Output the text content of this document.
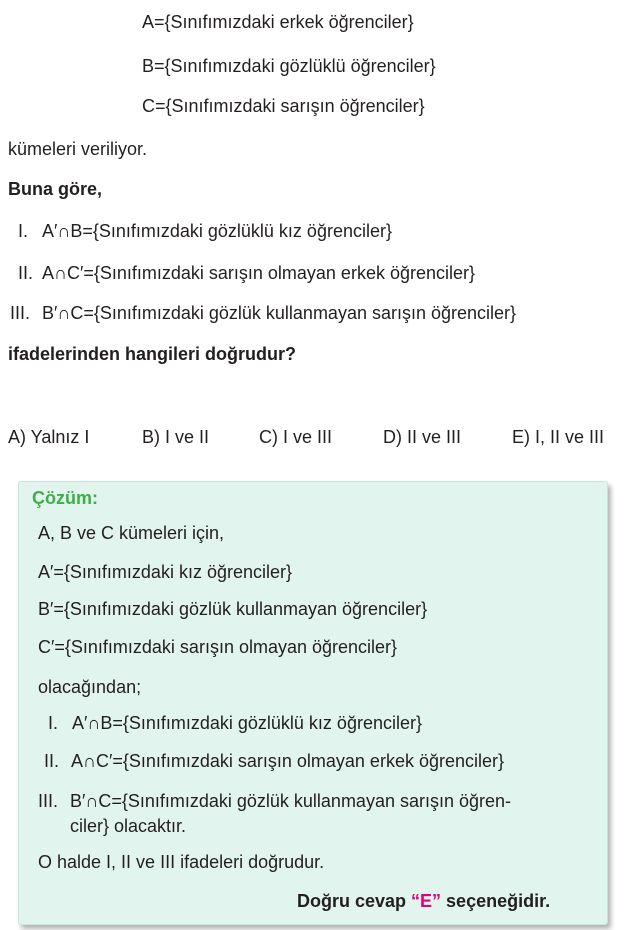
A={Sınıfımızdaki erkek öğrenciler}
B={Sınıfımızdaki gözlüklü öğrenciler}
C={Sınıfımızdaki sarışın öğrenciler}
kümeleri veriliyor.
Buna göre,
I. A′∩B={Sınıfımızdaki gözlüklü kız öğrenciler}
II. A∩C′={Sınıfımızdaki sarışın olmayan erkek öğrenciler}
III. B′∩C={Sınıfımızdaki gözlük kullanmayan sarışın öğrenciler}
ifadelerinden hangileri doğrudur?
A) Yalnız I	B) I ve II	C) I ve III	D) II ve III	E) I, II ve III
Çözüm:
A, B ve C kümeleri için,
A′={Sınıfımızdaki kız öğrenciler}
B′={Sınıfımızdaki gözlük kullanmayan öğrenciler}
C′={Sınıfımızdaki sarışın olmayan öğrenciler}
olacağından;
I. A′∩B={Sınıfımızdaki gözlüklü kız öğrenciler}
II. A∩C′={Sınıfımızdaki sarışın olmayan erkek öğrenciler}
III. B′∩C={Sınıfımızdaki gözlük kullanmayan sarışın öğren-
ciler} olacaktır.
O halde I, II ve III ifadeleri doğrudur.
Doğru cevap “E” seçeneğidir.
